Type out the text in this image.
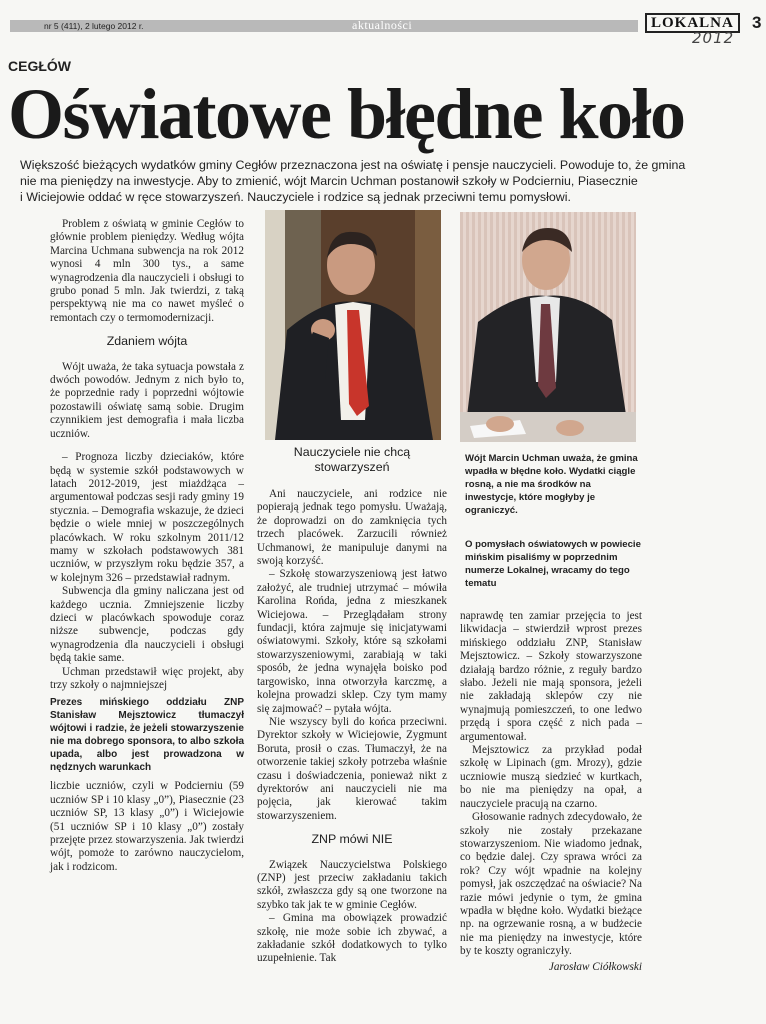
nr 5 (411), 2 lutego 2012 r.	aktualności	LOKALNA
2012
3
CEGŁÓW
Oświatowe błędne koło

Większość bieżących wydatków gminy Cegłów przeznaczona jest na oświatę i pensje nauczycieli. Powoduje to, że gmina

nie ma pieniędzy na inwestycje. Aby to zmienić, wójt Marcin Uchman postanowił szkoły w Podcierniu, Piasecznie

i Wiciejowie oddać w ręce stowarzyszeń. Nauczyciele i rodzice są jednak przeciwni temu pomysłowi.

Problem z oświatą w gminie Cegłów to głównie problem pieniędzy. Według wójta Marcina Uchmana subwencja na rok 2012 wynosi 4 mln 300 tys., a same wynagrodzenia dla nauczycieli i obsługi to grubo ponad 5 mln. Jak twierdzi, z taką perspektywą nie ma co nawet myśleć o remontach czy o termomodernizacji.

Zdaniem wójta

Wójt uważa, że taka sytuacja powstała z dwóch powodów. Jednym z nich było to, że poprzednie rady i poprzedni wójtowie pozostawili oświatę samą sobie. Drugim czynnikiem jest demografia i mała liczba uczniów.

– Prognoza liczby dzieciaków, które będą w systemie szkół podstawowych w latach 2012-2019, jest miażdżąca – argumentował podczas sesji rady gminy 19 stycznia. – Demografia wskazuje, że dzieci będzie o wiele mniej w poszczególnych placówkach. W roku szkolnym 2011/12 mamy w szkołach podstawowych 381 uczniów, w przyszłym roku będzie 357, a w kolejnym 326 – przedstawiał radnym.

Subwencja dla gminy naliczana jest od każdego ucznia. Zmniejszenie liczby dzieci w placówkach spowoduje coraz niższe subwencje, podczas gdy wynagrodzenia dla nauczycieli i obsługi będą takie same.

Uchman przedstawił więc projekt, aby trzy szkoły o najmniejszej

Prezes mińskiego oddziału ZNP Stanisław Mejsztowicz tłumaczył wójtowi i radzie, że jeżeli stowarzyszenie nie ma dobrego sponsora, to albo szkoła upada, albo jest prowadzona w nędznych warunkach

liczbie uczniów, czyli w Podcierniu (59 uczniów SP i 10 klasy „0”), Piasecznie (23 uczniów SP, 13 klasy „0”) i Wiciejowie (51 uczniów SP i 10 klasy „0”) zostały przejęte przez stowarzyszenia. Jak twierdzi wójt, pomoże to zarówno nauczycielom, jak i rodzicom.

Nauczyciele nie chcą stowarzyszeń

Ani nauczyciele, ani rodzice nie popierają jednak tego pomysłu. Uważają, że doprowadzi on do zamknięcia tych trzech placówek. Zarzucili również Uchmanowi, że manipuluje danymi na swoją korzyść.

– Szkołę stowarzyszeniową jest łatwo założyć, ale trudniej utrzymać – mówiła Karolina Rońda, jedna z mieszkanek Wiciejowa. – Przeglądałam strony fundacji, która zajmuje się inicjatywami oświatowymi. Szkoły, które są szkołami stowarzyszeniowymi, zarabiają w taki sposób, że jedna wynajęła boisko pod targowisko, inna otworzyła karczmę, a kolejna prowadzi sklep. Czy tym mamy się zajmować? – pytała wójta.

Nie wszyscy byli do końca przeciwni. Dyrektor szkoły w Wiciejowie, Zygmunt Boruta, prosił o czas. Tłumaczył, że na otworzenie takiej szkoły potrzeba właśnie czasu i doświadczenia, ponieważ nikt z dyrektorów ani nauczycieli nie ma pojęcia, jak kierować takim stowarzyszeniem.

ZNP mówi NIE

Związek Nauczycielstwa Polskiego (ZNP) jest przeciw zakładaniu takich szkół, zwłaszcza gdy są one tworzone na szybko tak jak te w gminie Cegłów.

– Gmina ma obowiązek prowadzić szkołę, nie może sobie ich zbywać, a zakładanie szkół dodatkowych to tylko uzupełnienie. Tak

Wójt Marcin Uchman uważa, że gmina wpadła w błędne koło. Wydatki ciągle rosną, a nie ma środków na inwestycje, które mogłyby je ograniczyć.

O pomysłach oświatowych w powiecie mińskim pisaliśmy w poprzednim numerze Lokalnej, wracamy do tego tematu

naprawdę ten zamiar przejęcia to jest likwidacja – stwierdził wprost prezes mińskiego oddziału ZNP, Stanisław Mejsztowicz. – Szkoły stowarzyszone działają bardzo różnie, z reguły bardzo słabo. Jeżeli nie mają sponsora, jeżeli nie zakładają sklepów czy nie wynajmują pomieszczeń, to one ledwo przędą i spora część z nich pada – argumentował.

Mejsztowicz za przykład podał szkołę w Lipinach (gm. Mrozy), gdzie uczniowie muszą siedzieć w kurtkach, bo nie ma pieniędzy na opał, a nauczyciele pracują na czarno.

Głosowanie radnych zdecydowało, że szkoły nie zostały przekazane stowarzyszeniom. Nie wiadomo jednak, co będzie dalej. Czy sprawa wróci za rok? Czy wójt wpadnie na kolejny pomysł, jak oszczędzać na oświacie? Na razie mówi jedynie o tym, że gmina wpadła w błędne koło. Wydatki bieżące np. na ogrzewanie rosną, a w budżecie nie ma pieniędzy na inwestycje, które by te koszty ograniczyły.

Jarosław Ciółkowski
